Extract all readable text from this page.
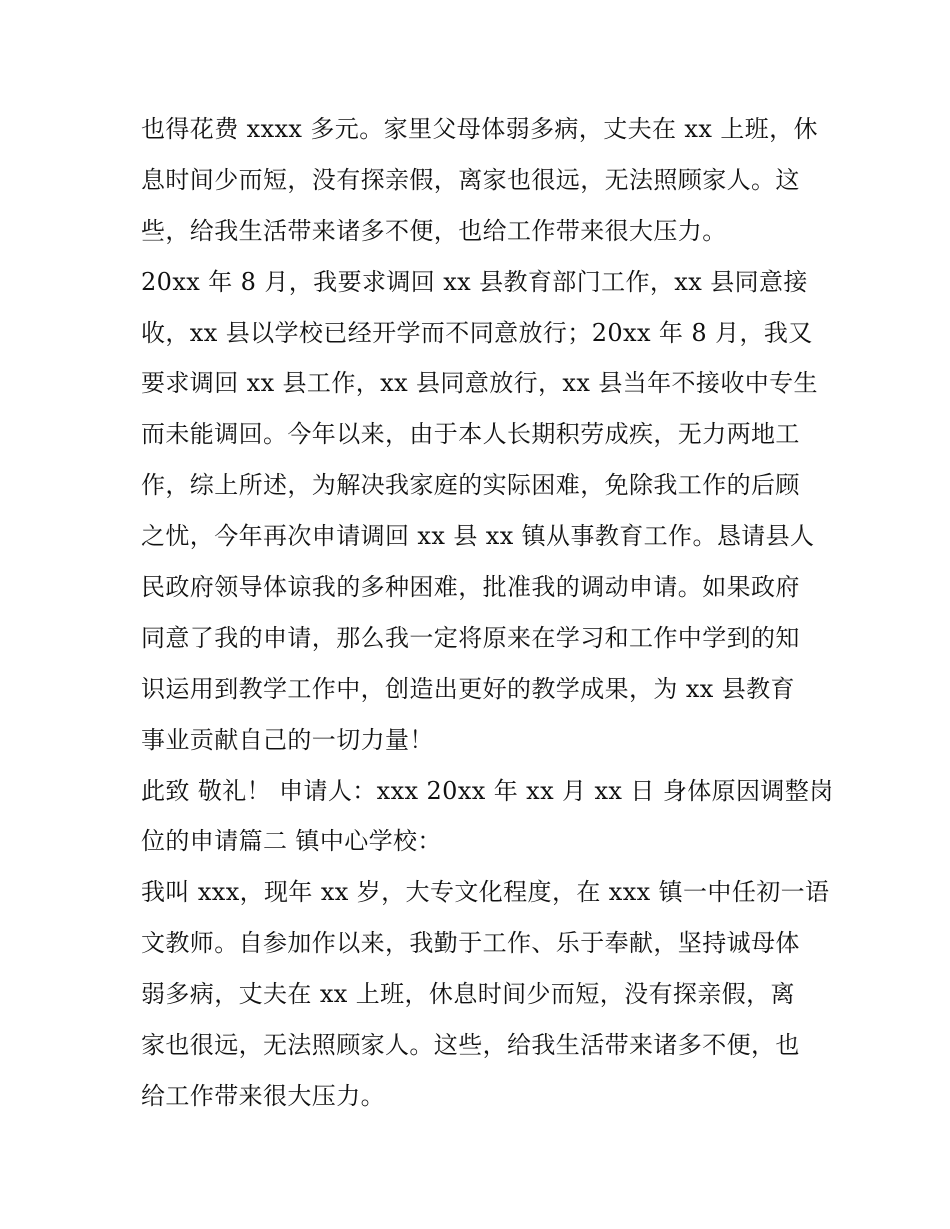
也得花费 xxxx 多元。家里父母体弱多病，丈夫在 xx 上班，休
息时间少而短，没有探亲假，离家也很远，无法照顾家人。这
些，给我生活带来诸多不便，也给工作带来很大压力。
20xx 年 8 月，我要求调回 xx 县教育部门工作，xx 县同意接
收，xx 县以学校已经开学而不同意放行；20xx 年 8 月，我又
要求调回 xx 县工作，xx 县同意放行，xx 县当年不接收中专生
而未能调回。今年以来，由于本人长期积劳成疾，无力两地工
作，综上所述，为解决我家庭的实际困难，免除我工作的后顾
之忧，今年再次申请调回 xx 县 xx 镇从事教育工作。恳请县人
民政府领导体谅我的多种困难，批准我的调动申请。如果政府
同意了我的申请，那么我一定将原来在学习和工作中学到的知
识运用到教学工作中，创造出更好的教学成果，为 xx 县教育
事业贡献自己的一切力量！
此致 敬礼！ 申请人：xxx 20xx 年 xx 月 xx 日 身体原因调整岗
位的申请篇二 镇中心学校：
我叫 xxx，现年 xx 岁，大专文化程度，在 xxx 镇一中任初一语
文教师。自参加作以来，我勤于工作、乐于奉献，坚持诚母体
弱多病，丈夫在 xx 上班，休息时间少而短，没有探亲假，离
家也很远，无法照顾家人。这些，给我生活带来诸多不便，也
给工作带来很大压力。
